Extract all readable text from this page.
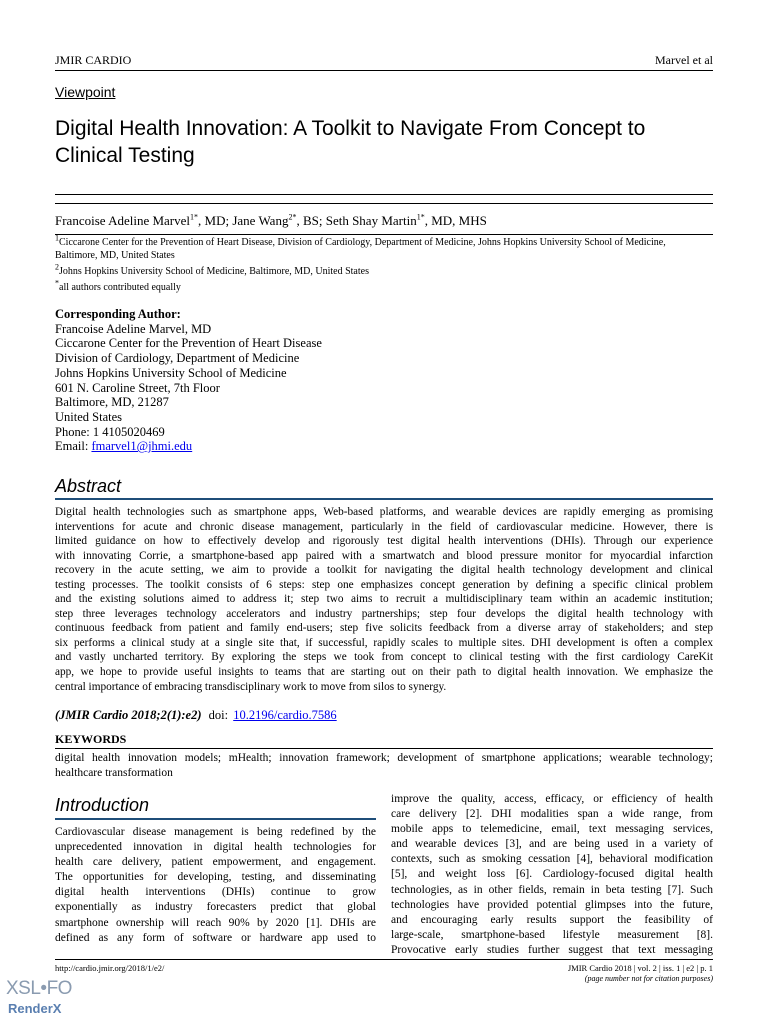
JMIR CARDIO	Marvel et al
Viewpoint
Digital Health Innovation: A Toolkit to Navigate From Concept to
Clinical Testing
Francoise Adeline Marvel$^{1*}$, MD; Jane Wang$^{2*}$, BS; Seth Shay Martin$^{1*}$, MD, MHS
$^1$Ciccarone Center for the Prevention of Heart Disease, Division of Cardiology, Department of Medicine, Johns Hopkins University School of Medicine,
Baltimore, MD, United States
$^2$Johns Hopkins University School of Medicine, Baltimore, MD, United States
*all authors contributed equally
Corresponding Author:
Francoise Adeline Marvel, MD
Ciccarone Center for the Prevention of Heart Disease
Division of Cardiology, Department of Medicine
Johns Hopkins University School of Medicine
601 N. Caroline Street, 7th Floor
Baltimore, MD, 21287
United States
Phone: 1 4105020469
Email: fmarvel1@jhmi.edu
Abstract
Digital health technologies such as smartphone apps, Web-based platforms, and wearable devices are rapidly emerging as promising
interventions for acute and chronic disease management, particularly in the field of cardiovascular medicine. However, there is
limited guidance on how to effectively develop and rigorously test digital health interventions (DHIs). Through our experience
with innovating Corrie, a smartphone-based app paired with a smartwatch and blood pressure monitor for myocardial infarction
recovery in the acute setting, we aim to provide a toolkit for navigating the digital health technology development and clinical
testing processes. The toolkit consists of 6 steps: step one emphasizes concept generation by defining a specific clinical problem
and the existing solutions aimed to address it; step two aims to recruit a multidisciplinary team within an academic institution;
step three leverages technology accelerators and industry partnerships; step four develops the digital health technology with
continuous feedback from patient and family end-users; step five solicits feedback from a diverse array of stakeholders; and step
six performs a clinical study at a single site that, if successful, rapidly scales to multiple sites. DHI development is often a complex
and vastly uncharted territory. By exploring the steps we took from concept to clinical testing with the first cardiology CareKit
app, we hope to provide useful insights to teams that are starting out on their path to digital health innovation. We emphasize the
central importance of embracing transdisciplinary work to move from silos to synergy.
(JMIR Cardio 2018;2(1):e2) doi: 10.2196/cardio.7586
KEYWORDS
digital health innovation models; mHealth; innovation framework; development of smartphone applications; wearable technology;
healthcare transformation
Introduction
Cardiovascular disease management is being redefined by the
unprecedented innovation in digital health technologies for
health care delivery, patient empowerment, and engagement.
The opportunities for developing, testing, and disseminating
digital health interventions (DHIs) continue to grow
exponentially as industry forecasters predict that global
smartphone ownership will reach 90% by 2020 [1]. DHIs are
defined as any form of software or hardware app used to
improve the quality, access, efficacy, or efficiency of health
care delivery [2]. DHI modalities span a wide range, from
mobile apps to telemedicine, email, text messaging services,
and wearable devices [3], and are being used in a variety of
contexts, such as smoking cessation [4], behavioral modification
[5], and weight loss [6]. Cardiology-focused digital health
technologies, as in other fields, remain in beta testing [7]. Such
technologies have provided potential glimpses into the future,
and encouraging early results support the feasibility of
large-scale, smartphone-based lifestyle measurement [8].
Provocative early studies further suggest that text messaging
http://cardio.jmir.org/2018/1/e2/	JMIR Cardio 2018 | vol. 2 | iss. 1 | e2 | p. 1
(page number not for citation purposes)
XSL•FO
RenderX
